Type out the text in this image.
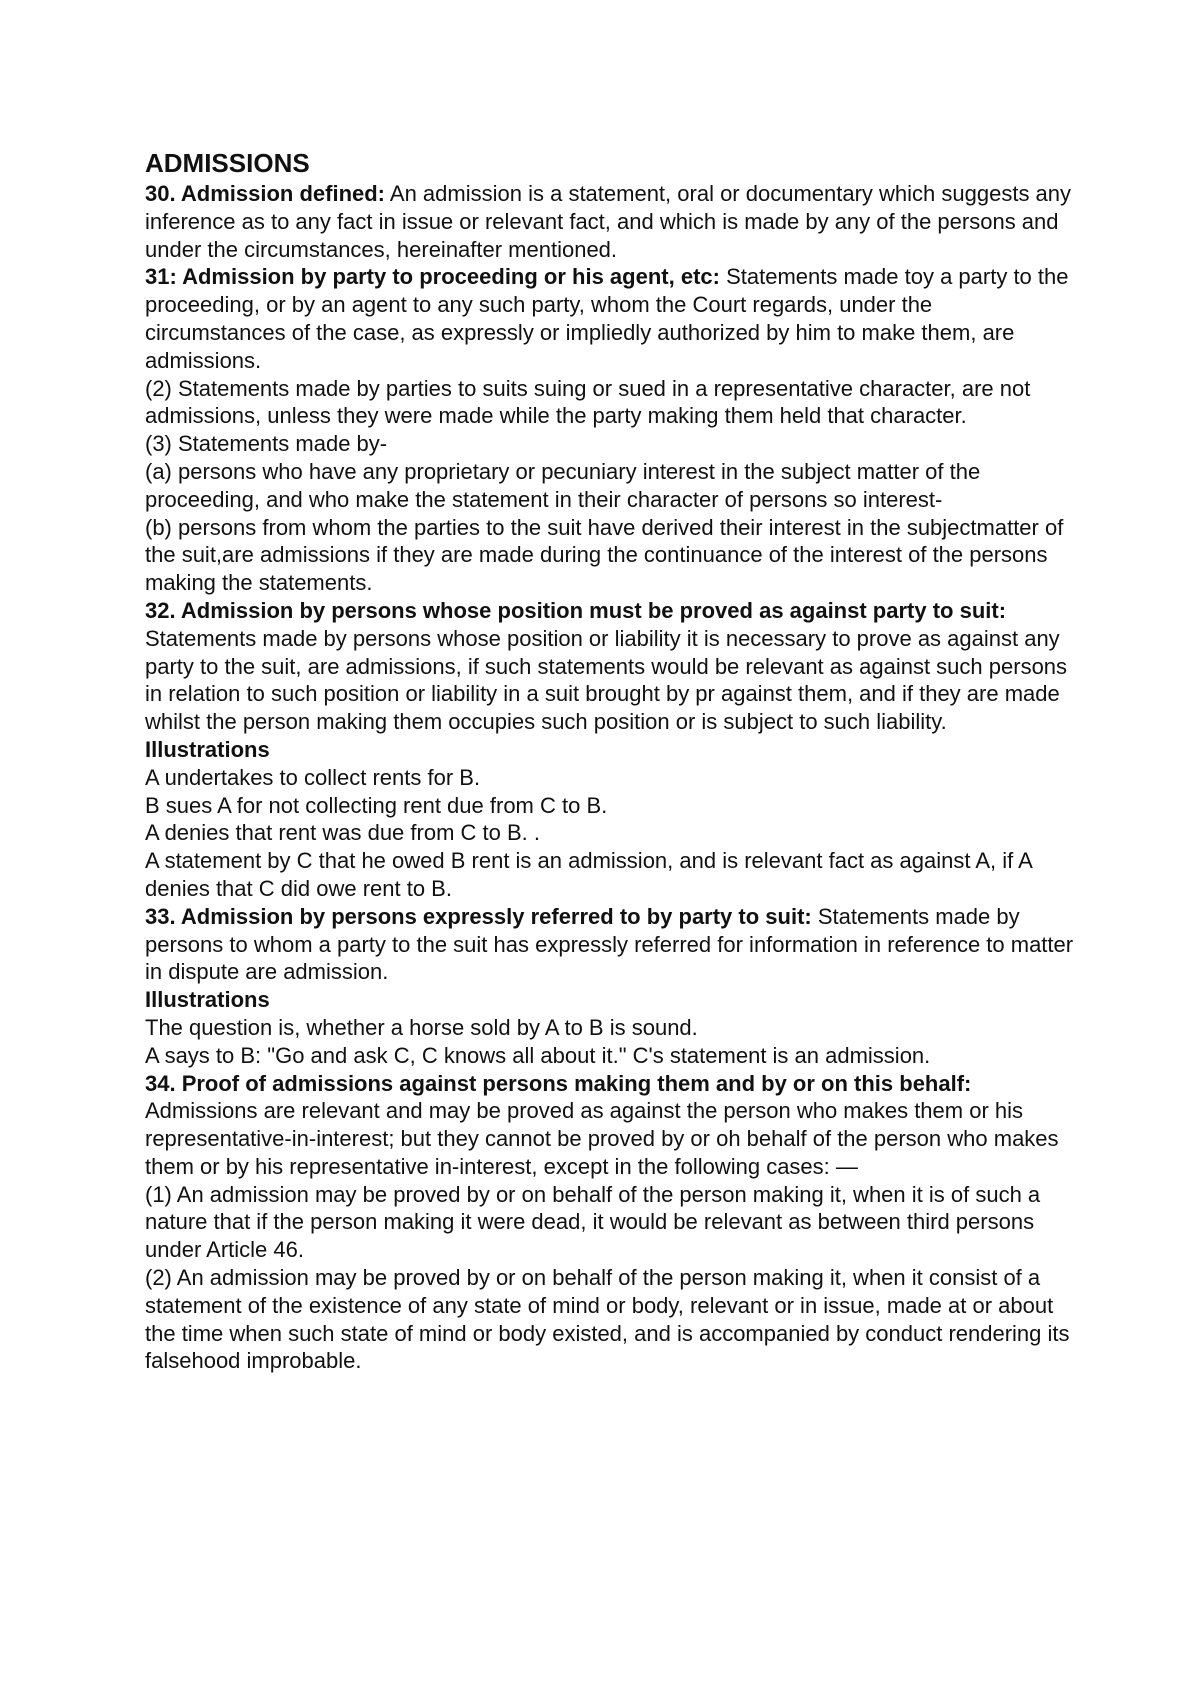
ADMISSIONS

30. Admission defined: An admission is a statement, oral or documentary which suggests any inference as to any fact in issue or relevant fact, and which is made by any of the persons and under the circumstances, hereinafter mentioned.

31: Admission by party to proceeding or his agent, etc: Statements made toy a party to the proceeding, or by an agent to any such party, whom the Court regards, under the circumstances of the case, as expressly or impliedly authorized by him to make them, are admissions.

(2) Statements made by parties to suits suing or sued in a representative character, are not admissions, unless they were made while the party making them held that character.

(3) Statements made by-

(a) persons who have any proprietary or pecuniary interest in the subject matter of the proceeding, and who make the statement in their character of persons so interest-

(b) persons from whom the parties to the suit have derived their interest in the subjectmatter of the suit,are admissions if they are made during the continuance of the interest of the persons making the statements.

32. Admission by persons whose position must be proved as against party to suit:

Statements made by persons whose position or liability it is necessary to prove as against any party to the suit, are admissions, if such statements would be relevant as against such persons in relation to such position or liability in a suit brought by pr against them, and if they are made whilst the person making them occupies such position or is subject to such liability.

Illustrations

A undertakes to collect rents for B.

B sues A for not collecting rent due from C to B.

A denies that rent was due from C to B. .

A statement by C that he owed B rent is an admission, and is relevant fact as against A, if A denies that C did owe rent to B.

33. Admission by persons expressly referred to by party to suit: Statements made by persons to whom a party to the suit has expressly referred for information in reference to matter in dispute are admission.

Illustrations

The question is, whether a horse sold by A to B is sound.

A says to B: "Go and ask C, C knows all about it." C's statement is an admission.

34. Proof of admissions against persons making them and by or on this behalf:

Admissions are relevant and may be proved as against the person who makes them or his representative-in-interest; but they cannot be proved by or oh behalf of the person who makes them or by his representative in-interest, except in the following cases: —

(1) An admission may be proved by or on behalf of the person making it, when it is of such a nature that if the person making it were dead, it would be relevant as between third persons under Article 46.

(2) An admission may be proved by or on behalf of the person making it, when it consist of a statement of the existence of any state of mind or body, relevant or in issue, made at or about the time when such state of mind or body existed, and is accompanied by conduct rendering its falsehood improbable.
